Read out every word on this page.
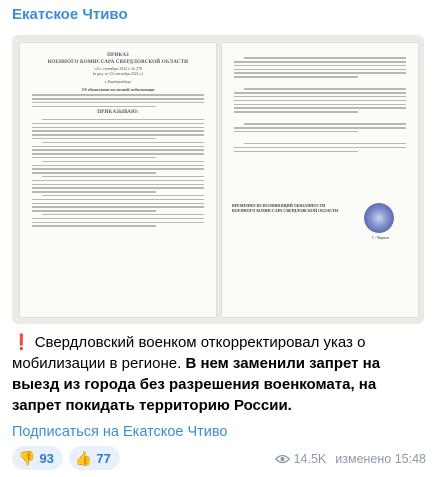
Екатское Чтиво
ПРИКАЗ
ВОЕННОГО КОМИССАРА СВЕРДЛОВСКОЙ ОБЛАСТИ
«21» сентября 2022 г. № 278
(в ред. от 23 сентября 2022 г.)
г. Екатеринбург
Об объявлении частичной мобилизации
ПРИКАЗЫВАЮ:
ВРЕМЕННО ИСПОЛНЯЮЩИЙ ОБЯЗАННОСТИ ВОЕННОГО КОМИССАРА СВЕРДЛОВСКОЙ ОБЛАСТИ
С. Чирков
❗ Свердловский военком откорректировал указ о мобилизации в регионе. В нем заменили запрет на выезд из города без разрешения военкомата, на запрет покидать территорию России.
Подписаться на Екатское Чтиво
👎 93 👍 77	14.5K изменено 15:48
